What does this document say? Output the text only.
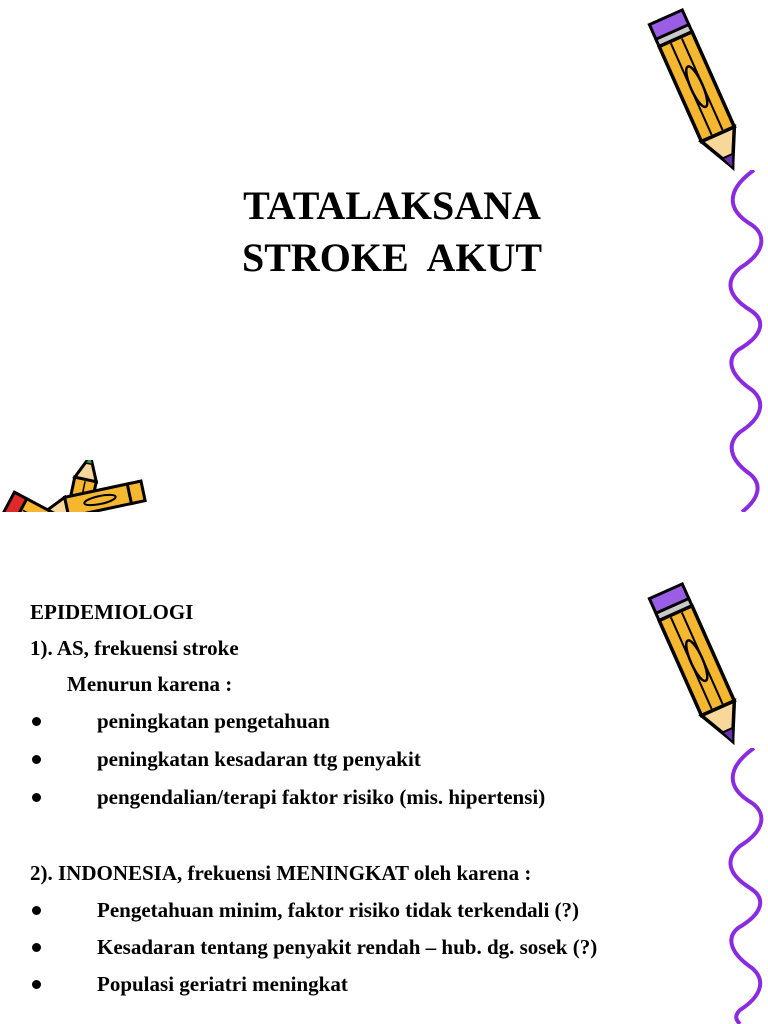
TATALAKSANA
STROKE  AKUT
EPIDEMIOLOGI
1). AS, frekuensi stroke
Menurun karena :
peningkatan pengetahuan
peningkatan kesadaran ttg penyakit
pengendalian/terapi faktor risiko (mis. hipertensi)
2). INDONESIA, frekuensi MENINGKAT oleh karena :
Pengetahuan minim, faktor risiko tidak terkendali (?)
Kesadaran tentang penyakit rendah – hub. dg. sosek (?)
Populasi geriatri meningkat
